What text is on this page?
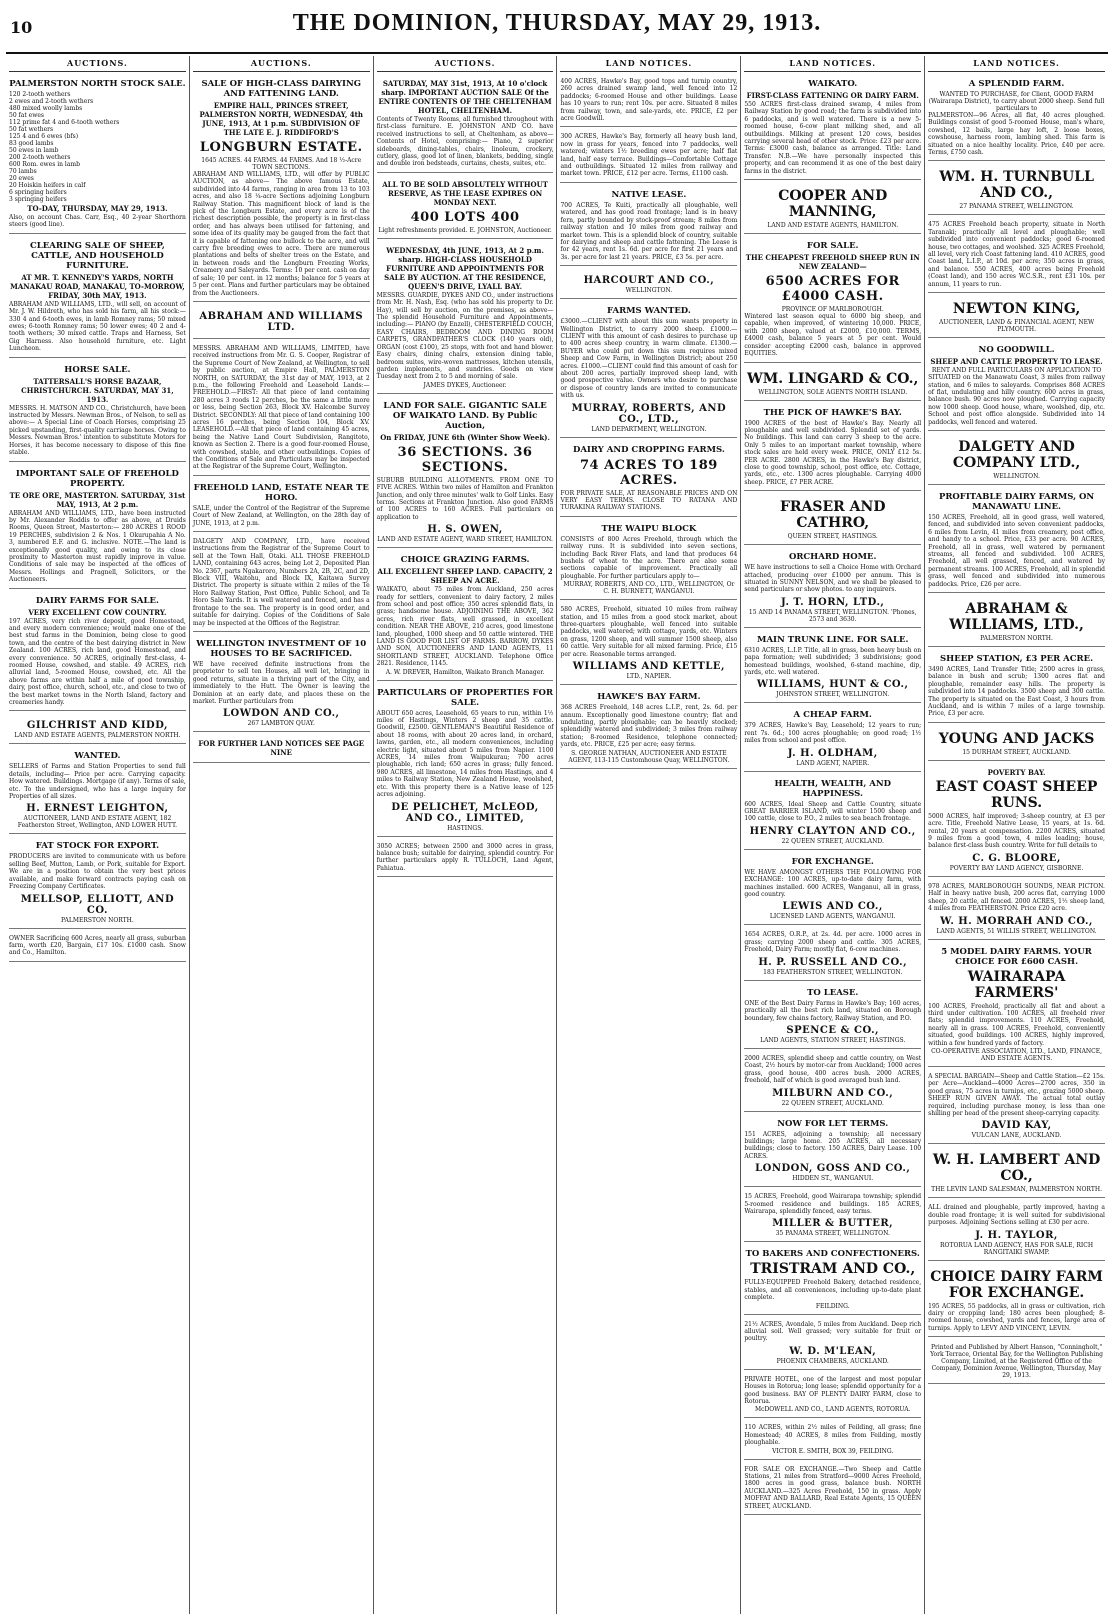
10	THE DOMINION, THURSDAY, MAY 29, 1913.
AUCTIONS.
PALMERSTON NORTH STOCK SALE.
120 2-tooth wethers
2 ewes and 2-tooth wethers
480 mixed woolly lambs
50 fat ewes
112 prime fat 4 and 6-tooth wethers
50 fat wethers
125 4 and 6 ewes (bfs)
83 good lambs
50 ewes in lamb
200 2-tooth wethers
600 Rom. ewes in lamb
70 lambs
20 ewes
20 Hoiskin heifers in calf
6 springing heifers
3 springing heifers
TO-DAY, THURSDAY, MAY 29, 1913.
Also, on account Chas. Carr, Esq., 40 2-year Shorthorn steers (good line).
CLEARING SALE OF SHEEP, CATTLE, AND HOUSEHOLD FURNITURE.
AT MR. T. KENNEDY'S YARDS, NORTH MANAKAU ROAD, MANAKAU, TO-MORROW, FRIDAY, 30th MAY, 1913.
ABRAHAM AND WILLIAMS, LTD., will sell, on account of Mr. J. W. Hildreth, who has sold his farm, all his stock:— 330 4 and 6-tooth ewes, in lamb Romney rams; 50 mixed ewes; 6-tooth Romney rams; 50 lower ewes; 40 2 and 4-tooth wethers; 30 mixed cattle. Traps and Harness, Set Gig Harness. Also household furniture, etc. Light Luncheon.
HORSE SALE.
TATTERSALL'S HORSE BAZAAR, CHRISTCHURCH. SATURDAY, MAY 31, 1913.
MESSRS. H. MATSON AND CO., Christchurch, have been instructed by Messrs. Newman Bros., of Nelson, to sell as above:— A Special Line of Coach Horses, comprising 25 picked upstanding, first-quality carriage horses. Owing to Messrs. Newman Bros.' intention to substitute Motors for Horses, it has become necessary to dispose of this fine stable.
IMPORTANT SALE OF FREEHOLD PROPERTY.
TE ORE ORE, MASTERTON. SATURDAY, 31st MAY, 1913, At 2 p.m.
ABRAHAM AND WILLIAMS, LTD., have been instructed by Mr. Alexander Roddis to offer as above, at Druids Rooms, Queen Street, Masterton:— 280 ACRES 1 ROOD 19 PERCHES, subdivision 2 & Nos. 1 Okurupahia A No. 3, numbered E.F. and G. inclusive. NOTE.—The land is exceptionally good quality, and owing to its close proximity to Masterton must rapidly improve in value. Conditions of sale may be inspected at the offices of Messrs. Hollings and Pragnell, Solicitors, or the Auctioneers.
DAIRY FARMS FOR SALE.
VERY EXCELLENT COW COUNTRY.
197 ACRES, very rich river deposit, good Homestead, and every modern convenience; would make one of the best stud farms in the Dominion, being close to good town, and the centre of the best dairying district in New Zealand. 100 ACRES, rich land, good Homestead, and every convenience. 50 ACRES, originally first-class, 4-roomed House, cowshed, and stable. 49 ACRES, rich alluvial land, 5-roomed House, cowshed, etc. All the above farms are within half a mile of good township, dairy, post office, church, school, etc., and close to two of the best market towns in the North Island, factory and creameries handy.
GILCHRIST AND KIDD,
LAND AND ESTATE AGENTS, PALMERSTON NORTH.
WANTED.
SELLERS of Farms and Station Properties to send full details, including— Price per acre. Carrying capacity. How watered. Buildings. Mortgage (if any). Terms of sale, etc. To the undersigned, who has a large inquiry for Properties of all sizes.
H. ERNEST LEIGHTON,
AUCTIONEER, LAND AND ESTATE AGENT, 182 Featherston Street, Wellington, AND LOWER HUTT.
FAT STOCK FOR EXPORT.
PRODUCERS are invited to communicate with us before selling Beef, Mutton, Lamb, or Pork, suitable for Export. We are in a position to obtain the very best prices available, and make forward contracts paying cash on Freezing Company Certificates.
MELLSOP, ELLIOTT, AND CO.
PALMERSTON NORTH.
OWNER Sacrificing 600 Acres, nearly all grass, suburban farm, worth £20, Bargain, £17 10s. £1000 cash. Snow and Co., Hamilton.
AUCTIONS.
SALE OF HIGH-CLASS DAIRYING AND FATTENING LAND.
EMPIRE HALL, PRINCES STREET, PALMERSTON NORTH, WEDNESDAY, 4th JUNE, 1913, At 1 p.m. SUBDIVISION OF THE LATE E. J. RIDDIFORD'S
LONGBURN ESTATE.
1645 ACRES. 44 FARMS. 44 FARMS. And 18 ½-Acre TOWN SECTIONS.
ABRAHAM AND WILLIAMS, LTD., will offer by PUBLIC AUCTION, as above— The above famous Estate, subdivided into 44 farms, ranging in area from 13 to 103 acres, and also 18 ¼-acre Sections adjoining Longburn Railway Station. This magnificent block of land is the pick of the Longburn Estate, and every acre is of the richest description possible, the property is in first-class order, and has always been utilised for fattening, and some idea of its quality may be gauged from the fact that it is capable of fattening one bullock to the acre, and will carry five breeding ewes to acre. There are numerous plantations and belts of shelter trees on the Estate, and in between roads and the Longburn Freezing Works, Creamery and Saleyards. Terms: 10 per cent. cash on day of sale; 10 per cent. in 12 months; balance for 5 years at 5 per cent. Plans and further particulars may be obtained from the Auctioneers.
ABRAHAM AND WILLIAMS LTD.
MESSRS. ABRAHAM AND WILLIAMS, LIMITED, have received instructions from Mr. G. S. Cooper, Registrar of the Supreme Court of New Zealand, at Wellington, to sell by public auction, at Empire Hall, PALMERSTON NORTH, on SATURDAY, the 31st day of MAY, 1913, at 2 p.m., the following Freehold and Leasehold Lands:— FREEHOLD.—FIRST: All that piece of land containing 280 acres 3 roods 12 perches, be the same a little more or less, being Section 263, Block XV. Halcombe Survey District. SECONDLY: All that piece of land containing 100 acres 16 perches, being Section 104, Block XV. LEASEHOLD.—All that piece of land containing 45 acres, being the Native Land Court Subdivision, Rangitoto, known as Section 2. There is a good four-roomed House, with cowshed, stable, and other outbuildings. Copies of the Conditions of Sale and Particulars may be inspected at the Registrar of the Supreme Court, Wellington.
FREEHOLD LAND, ESTATE NEAR TE HORO.
SALE, under the Control of the Registrar of the Supreme Court of New Zealand, at Wellington, on the 28th day of JUNE, 1913, at 2 p.m.
DALGETY AND COMPANY, LTD., have received instructions from the Registrar of the Supreme Court to sell at the Town Hall, Otaki. ALL THOSE FREEHOLD LAND, containing 643 acres, being Lot 2, Deposited Plan No. 2367, parts Ngakaroro, Numbers 2A, 2B, 2C, and 2D, Block VIII, Waitohu, and Block IX, Kaitawa Survey District. The property is situate within 2 miles of the Te Horo Railway Station, Post Office, Public School, and Te Horo Sale Yards. It is well watered and fenced, and has a frontage to the sea. The property is in good order, and suitable for dairying. Copies of the Conditions of Sale may be inspected at the Offices of the Registrar.
WELLINGTON INVESTMENT OF 10 HOUSES TO BE SACRIFICED.
WE have received definite instructions from the proprietor to sell ten Houses, all well let, bringing in good returns, situate in a thriving part of the City, and immediately to the Hutt. The Owner is leaving the Dominion at an early date, and places these on the market. Further particulars from
LOWDON AND CO.,
267 LAMBTON QUAY.
FOR FURTHER LAND NOTICES SEE PAGE NINE
AUCTIONS.
SATURDAY, MAY 31st, 1913, At 10 o'clock sharp. IMPORTANT AUCTION SALE Of the ENTIRE CONTENTS OF THE CHELTENHAM HOTEL, CHELTENHAM.
Contents of Twenty Rooms, all furnished throughout with first-class furniture. E. JOHNSTON AND CO. have received instructions to sell, at Cheltenham, as above— Contents of Hotel, comprising:— Piano, 2 superior sideboards, dining-tables, chairs, linoleum, crockery, cutlery, glass, good lot of linen, blankets, bedding, single and double iron bedsteads, curtains, chests, suites, etc.
ALL TO BE SOLD ABSOLUTELY WITHOUT RESERVE, AS THE LEASE EXPIRES ON MONDAY NEXT.
400 LOTS 400
Light refreshments provided. E. JOHNSTON, Auctioneer.
WEDNESDAY, 4th JUNE, 1913, At 2 p.m. sharp. HIGH-CLASS HOUSEHOLD FURNITURE AND APPOINTMENTS FOR SALE BY AUCTION. AT THE RESIDENCE, QUEEN'S DRIVE, LYALL BAY.
MESSRS. GUARDIE, DYKES AND CO., under instructions from Mr. H. Nash, Esq. (who has sold his property to Dr. Hay), will sell by auction, on the premises, as above— The splendid Household Furniture and Appointments, including:— PIANO (by Enzell), CHESTERFIELD COUCH, EASY CHAIRS, BEDROOM AND DINING ROOM CARPETS, GRANDFATHER'S CLOCK (140 years old), ORGAN (cost £100), 25 stops, with foot and hand blower. Easy chairs, dining chairs, extension dining table, bedroom suites, wire-woven mattresses, kitchen utensils, garden implements, and sundries. Goods on view Tuesday next from 2 to 5 and morning of sale.
JAMES DYKES, Auctioneer.
LAND FOR SALE. GIGANTIC SALE OF WAIKATO LAND. By Public Auction,
On FRIDAY, JUNE 6th (Winter Show Week).
36 SECTIONS. 36 SECTIONS.
SUBURB BUILDING ALLOTMENTS. FROM ONE TO FIVE ACRES. Within two miles of Hamilton and Frankton Junction, and only three minutes' walk to Golf Links. Easy terms. Sections at Frankton Junction. Also good FARMS of 100 ACRES to 160 ACRES. Full particulars on application to
H. S. OWEN,
LAND AND ESTATE AGENT, WARD STREET, HAMILTON.
CHOICE GRAZING FARMS.
ALL EXCELLENT SHEEP LAND. CAPACITY, 2 SHEEP AN ACRE.
WAIKATO, about 75 miles from Auckland, 250 acres ready for settlers, convenient to dairy factory, 2 miles from school and post office; 350 acres splendid flats, in grass; handsome house. ADJOINING THE ABOVE, 362 acres, rich river flats, well grassed, in excellent condition. NEAR THE ABOVE, 210 acres, good limestone land, ploughed, 1000 sheep and 50 cattle wintered. THE LAND IS GOOD FOR LIST OF FARMS. BARROW, DYKES AND SON, AUCTIONEERS AND LAND AGENTS, 11 SHORTLAND STREET, AUCKLAND. Telephone Office 2821. Residence, 1145.
A. W. DREVER, Hamilton, Waikato Branch Manager.
PARTICULARS OF PROPERTIES FOR SALE.
ABOUT 650 acres, Leasehold, 65 years to run, within 1½ miles of Hastings, Winters 2 sheep and 35 cattle. Goodwill, £2500. GENTLEMAN'S Beautiful Residence of about 18 rooms, with about 20 acres land, in orchard, lawns, garden, etc., all modern conveniences, including electric light, situated about 5 miles from Napier. 1100 ACRES, 14 miles from Waipukurau; 700 acres ploughable, rich land; 650 acres in grass; fully fenced. 980 ACRES, all limestone, 14 miles from Hastings, and 4 miles to Railway Station, New Zealand House, woolshed, etc. With this property there is a Native lease of 125 acres adjoining.
DE PELICHET, McLEOD, AND CO., LIMITED,
HASTINGS.
3050 ACRES; between 2500 and 3000 acres in grass, balance bush; suitable for dairying, splendid country. For further particulars apply R. TULLOCH, Land Agent, Pahiatua.
LAND NOTICES.
400 ACRES, Hawke's Bay, good tops and turnip country, 260 acres drained swamp land, well fenced into 12 paddocks; 6-roomed House and other buildings. Lease has 10 years to run; rent 10s. per acre. Situated 8 miles from railway, town, and sale-yards, etc. PRICE, £2 per acre Goodwill.
300 ACRES, Hawke's Bay, formerly all heavy bush land, now in grass for years, fenced into 7 paddocks, well watered; winters 1½ breeding ewes per acre; half flat land, half easy terrace. Buildings—Comfortable Cottage and outbuildings. Situated 12 miles from railway and market town. PRICE, £12 per acre. Terms, £1100 cash.
NATIVE LEASE.
700 ACRES, Te Kuiti, practically all ploughable, well watered, and has good road frontage; land is in heavy fern, partly bounded by stock-proof stream; 8 miles from railway station and 10 miles from good railway and market town. This is a splendid block of country, suitable for dairying and sheep and cattle fattening. The Lease is for 42 years, rent 1s. 6d. per acre for first 21 years and 3s. per acre for last 21 years. PRICE, £3 5s. per acre.
HARCOURT AND CO.,
WELLINGTON.
FARMS WANTED.
£3000.—CLIENT with about this sum wants property in Wellington District, to carry 2000 sheep. £1000.—CLIENT with this amount of cash desires to purchase up to 400 acres sheep country, in warm climate. £1300.—BUYER who could put down this sum requires mixed Sheep and Cow Farm, in Wellington District; about 250 acres. £1000.—CLIENT could find this amount of cash for about 200 acres, partially improved sheep land, with good prospective value. Owners who desire to purchase or dispose of country lands are invited to communicate with us.
MURRAY, ROBERTS, AND CO., LTD.,
LAND DEPARTMENT, WELLINGTON.
DAIRY AND CROPPING FARMS.
74 ACRES TO 189 ACRES.
FOR PRIVATE SALE, AT REASONABLE PRICES AND ON VERY EASY TERMS. CLOSE TO RATANA AND TURAKINA RAILWAY STATIONS.
THE WAIPU BLOCK
CONSISTS of 800 Acres Freehold, through which the railway runs. It is subdivided into seven sections, including Back River Flats, and land that produces 64 bushels of wheat to the acre. There are also some sections capable of improvement. Practically all ploughable. For further particulars apply to—
MURRAY, ROBERTS, AND CO., LTD., WELLINGTON, Or C. H. BURNETT, WANGANUI.
580 ACRES, Freehold, situated 10 miles from railway station, and 15 miles from a good stock market, about three-quarters ploughable, well fenced into suitable paddocks, well watered; with cottage, yards, etc. Winters on grass, 1200 sheep, and will summer 1500 sheep, also 60 cattle. Very suitable for all mixed farming. Price, £15 per acre. Reasonable terms arranged.
WILLIAMS AND KETTLE,
LTD., NAPIER.
HAWKE'S BAY FARM.
368 ACRES Freehold, 148 acres L.I.P., rent, 2s. 6d. per annum. Exceptionally good limestone country; flat and undulating, partly ploughable; can be heavily stocked; splendidly watered and subdivided; 3 miles from railway station; 8-roomed Residence, telephone connected; yards, etc. PRICE, £25 per acre; easy terms.
S. GEORGE NATHAN, AUCTIONEER AND ESTATE AGENT, 113-115 Customhouse Quay, WELLINGTON.
LAND NOTICES.
WAIKATO.
FIRST-CLASS FATTENING OR DAIRY FARM.
550 ACRES first-class drained swamp, 4 miles from Railway Station by good road; the farm is subdivided into 6 paddocks, and is well watered. There is a new 5-roomed house, 6-cow plant milking shed, and all outbuildings. Milking at present 120 cows, besides carrying several head of other stock. Price: £23 per acre. Terms: £3000 cash, balance as arranged. Title: Land Transfer. N.B.—We have personally inspected this property, and can recommend it as one of the best dairy farms in the district.
COOPER AND MANNING,
LAND AND ESTATE AGENTS, HAMILTON.
FOR SALE.
THE CHEAPEST FREEHOLD SHEEP RUN IN NEW ZEALAND—
6500 ACRES FOR £4000 CASH.
PROVINCE OF MARLBOROUGH.
Wintered last season equal to 6000 big sheep, and capable, when improved, of wintering 10,000. PRICE, with 2000 sheep, valued at £2000, £10,000. TERMS, £4000 cash, balance 5 years at 5 per cent. Would consider accepting £2000 cash, balance in approved EQUITIES.
WM. LINGARD & CO.,
WELLINGTON, SOLE AGENTS NORTH ISLAND.
THE PICK OF HAWKE'S BAY.
1900 ACRES of the best of Hawke's Bay. Nearly all ploughable and well subdivided. Splendid set of yards. No buildings. This land can carry 3 sheep to the acre. Only 5 miles to an important market township, where stock sales are held every week. PRICE, ONLY £12 5s. PER ACRE. 2800 ACRES, in the Hawke's Bay district, close to good township, school, post office, etc. Cottage, yards, etc., etc. 1300 acres ploughable. Carrying 4000 sheep. PRICE, £7 PER ACRE.
FRASER AND CATHRO,
QUEEN STREET, HASTINGS.
ORCHARD HOME.
WE have instructions to sell a Choice Home with Orchard attached, producing over £1000 per annum. This is situated in SUNNY NELSON, and we shall be pleased to send particulars or show photos. to any inquirers.
J. T. HORN, LTD.,
15 AND 14 PANAMA STREET, WELLINGTON. 'Phones, 2573 and 3630.
MAIN TRUNK LINE. FOR SALE.
6310 ACRES, L.I.P. Title, all in grass, been heavy bush on papa formation; well subdivided; 3 subdivisions; good homestead buildings, woolshed, 6-stand machine, dip, yards, etc. well watered.
WILLIAMS, HUNT & CO.,
JOHNSTON STREET, WELLINGTON.
A CHEAP FARM.
379 ACRES, Hawke's Bay, Leasehold; 12 years to run; rent 7s. 6d.; 100 acres ploughable; on good road; 1½ miles from school and post office.
J. H. OLDHAM,
LAND AGENT, NAPIER.
HEALTH, WEALTH, AND HAPPINESS.
600 ACRES, Ideal Sheep and Cattle Country, situate GREAT BARRIER ISLAND, will winter 1500 sheep and 100 cattle, close to P.O., 2 miles to sea beach frontage.
HENRY CLAYTON AND CO.,
22 QUEEN STREET, AUCKLAND.
FOR EXCHANGE.
WE HAVE AMONGST OTHERS THE FOLLOWING FOR EXCHANGE: 100 ACRES, up-to-date dairy farm, with machines installed. 600 ACRES, Wanganui, all in grass, good country.
LEWIS AND CO.,
LICENSED LAND AGENTS, WANGANUI.
1654 ACRES, O.R.P., at 2s. 4d. per acre. 1000 acres in grass; carrying 2000 sheep and cattle. 305 ACRES, Freehold, Dairy Farm; mostly flat, 6-cow machines.
H. P. RUSSELL AND CO.,
183 FEATHERSTON STREET, WELLINGTON.
TO LEASE.
ONE of the Best Dairy Farms in Hawke's Bay; 160 acres, practically all the best rich land, situated on Borough boundary, few chains factory, Railway Station, and P.O.
SPENCE & CO.,
LAND AGENTS, STATION STREET, HASTINGS.
2000 ACRES, splendid sheep and cattle country, on West Coast, 2½ hours by motor-car from Auckland; 1000 acres grass, good house, 400 acres bush. 2000 ACRES, freehold, half of which is good averaged bush land.
MILBURN AND CO.,
22 QUEEN STREET, AUCKLAND.
NOW FOR LET TERMS.
151 ACRES, adjoining a township; all necessary buildings; large home. 205 ACRES, all necessary buildings; close to factory. 150 ACRES, Dairy Lease. 100 ACRES.
LONDON, GOSS AND CO.,
HIDDEN ST., WANGANUI.
15 ACRES, Freehold, good Wairarapa township; splendid 5-roomed residence and buildings. 185 ACRES, Wairarapa, splendidly fenced, easy terms.
MILLER & BUTTER,
35 PANAMA STREET, WELLINGTON.
TO BAKERS AND CONFECTIONERS.
TRISTRAM AND CO.,
FULLY-EQUIPPED Freehold Bakery, detached residence, stables, and all conveniences, including up-to-date plant complete.
FEILDING.
21½ ACRES, Avondale, 5 miles from Auckland. Deep rich alluvial soil. Well grassed; very suitable for fruit or poultry.
W. D. M'LEAN,
PHOENIX CHAMBERS, AUCKLAND.
PRIVATE HOTEL, one of the largest and most popular Houses in Rotorua; long lease; splendid opportunity for a good business. BAY OF PLENTY DAIRY FARM, close to Rotorua.
McDOWELL AND CO., LAND AGENTS, ROTORUA.
110 ACRES, within 2½ miles of Feilding, all grass; fine Homestead; 40 ACRES, 8 miles from Feilding, mostly ploughable.
VICTOR E. SMITH, BOX 39, FEILDING.
FOR SALE OR EXCHANGE.—Two Sheep and Cattle Stations, 21 miles from Stratford—9000 Acres Freehold, 1800 acres in good grass, balance bush. NORTH AUCKLAND.—325 Acres Freehold, 150 in grass. Apply MOFFAT AND BALLARD, Real Estate Agents, 15 QUEEN STREET, AUCKLAND.
LAND NOTICES.
A SPLENDID FARM.
WANTED TO PURCHASE, for Client, GOOD FARM (Wairarapa District), to carry about 2000 sheep. Send full particulars to
PALMERSTON—96 Acres, all flat, 40 acres ploughed. Buildings consist of good 5-roomed House, man's whare, cowshed, 12 bails, large hay loft, 2 loose boxes, cowshouse, harness room, lambing shed. This farm is situated on a nice healthy locality. Price, £40 per acre. Terms, £750 cash.
WM. H. TURNBULL AND CO.,
27 PANAMA STREET, WELLINGTON.
475 ACRES Freehold beach property, situate in North Taranaki; practically all level and ploughable; well subdivided into convenient paddocks; good 6-roomed house, two cottages, and woolshed. 325 ACRES Freehold, all level, very rich Coast fattening land. 410 ACRES, good Coast land, L.I.P., at 10d. per acre; 350 acres in grass, and balance. 550 ACRES, 400 acres being Freehold (Coast land), and 150 acres W.C.S.R., rent £31 10s. per annum, 11 years to run.
NEWTON KING,
AUCTIONEER, LAND & FINANCIAL AGENT, NEW PLYMOUTH.
NO GOODWILL.
SHEEP AND CATTLE PROPERTY TO LEASE.
RENT AND FULL PARTICULARS ON APPLICATION TO
SITUATED on the Manawatu Coast, 3 miles from railway station, and 6 miles to saleyards. Comprises 868 ACRES of flat, undulating and hilly country. 600 acres in grass, balance bush. 90 acres now ploughed. Carrying capacity now 1000 sheep. Good house, whare, woolshed, dip, etc. School and post office alongside. Subdivided into 14 paddocks, well fenced and watered.
DALGETY AND COMPANY LTD.,
WELLINGTON.
PROFITABLE DAIRY FARMS, ON MANAWATU LINE.
150 ACRES, Freehold, all in good grass, well watered, fenced, and subdivided into seven convenient paddocks, 6 miles from Levin, 41 miles from creamery, post office, and handy to a school. Price, £33 per acre. 90 ACRES, Freehold, all in grass, well watered by permanent streams, all fenced and subdivided. 100 ACRES, Freehold, all well grassed, fenced, and watered by permanent streams. 100 ACRES, Freehold, all in splendid grass, well fenced and subdivided into numerous paddocks. Price, £26 per acre.
ABRAHAM & WILLIAMS, LTD.,
PALMERSTON NORTH.
SHEEP STATION, £3 PER ACRE.
3490 ACRES, Land Transfer Title; 2500 acres in grass, balance in bush and scrub; 1300 acres flat and ploughable, remainder easy hills. The property is subdivided into 14 paddocks. 3500 sheep and 300 cattle. The property is situated on the East Coast, 3 hours from Auckland, and is within 7 miles of a large township. Price, £3 per acre.
YOUNG AND JACKS
15 DURHAM STREET, AUCKLAND.
POVERTY BAY.
EAST COAST SHEEP RUNS.
5000 ACRES, half improved; 3-sheep country, at £3 per acre. Title, Freehold Native Lease, 15 years, at 1s. 6d. rental, 20 years at compensation. 2200 ACRES, situated 9 miles from a good town, 4 miles leading; house, balance first-class bush country. Write for full details to
C. G. BLOORE,
POVERTY BAY LAND AGENCY, GISBORNE.
978 ACRES, MARLBOROUGH SOUNDS, NEAR PICTON. Half in heavy native bush, 200 acres flat, carrying 1000 sheep, 20 cattle, all fenced. 2000 ACRES, 1½ sheep land, 4 miles from FEATHERSTON. Price £20 acre.
W. H. MORRAH AND CO.,
LAND AGENTS, 51 WILLIS STREET, WELLINGTON.
5 MODEL DAIRY FARMS. YOUR CHOICE FOR £600 CASH.
WAIRARAPA FARMERS'
100 ACRES, Freehold, practically all flat and about a third under cultivation. 100 ACRES, all freehold river flats; splendid improvements. 110 ACRES, Freehold, nearly all in grass. 100 ACRES, Freehold, conveniently situated, good buildings. 100 ACRES, highly improved, within a few hundred yards of factory.
CO-OPERATIVE ASSOCIATION, LTD., LAND, FINANCE, AND ESTATE AGENTS.
A SPECIAL BARGAIN—Sheep and Cattle Station—£2 15s. per Acre—Auckland—4000 Acres—2700 acres, 350 in good grass, 75 acres in turnips, etc., grazing 5000 sheep. SHEEP RUN GIVEN AWAY. The actual total outlay required, including purchase money, is less than one shilling per head of the present sheep-carrying capacity.
DAVID KAY,
VULCAN LANE, AUCKLAND.
W. H. LAMBERT AND CO.,
THE LEVIN LAND SALESMAN, PALMERSTON NORTH.
ALL drained and ploughable, partly improved, having a double road frontage; it is well suited for subdivisional purposes. Adjoining Sections selling at £30 per acre.
J. H. TAYLOR,
ROTORUA LAND AGENCY, HAS FOR SALE, RICH RANGITAIKI SWAMP.
CHOICE DAIRY FARM FOR EXCHANGE.
195 ACRES, 55 paddocks, all in grass or cultivation, rich dairy or cropping land; 180 acres been ploughed; 8-roomed house, cowshed, yards and fences, large area of turnips. Apply to LEVY AND VINCENT, LEVIN.
Printed and Published by Albert Hanson, "Conningholt," York Terrace, Oriental Bay, for the Wellington Publishing Company, Limited, at the Registered Office of the Company, Dominion Avenue, Wellington, Thursday, May 29, 1913.
